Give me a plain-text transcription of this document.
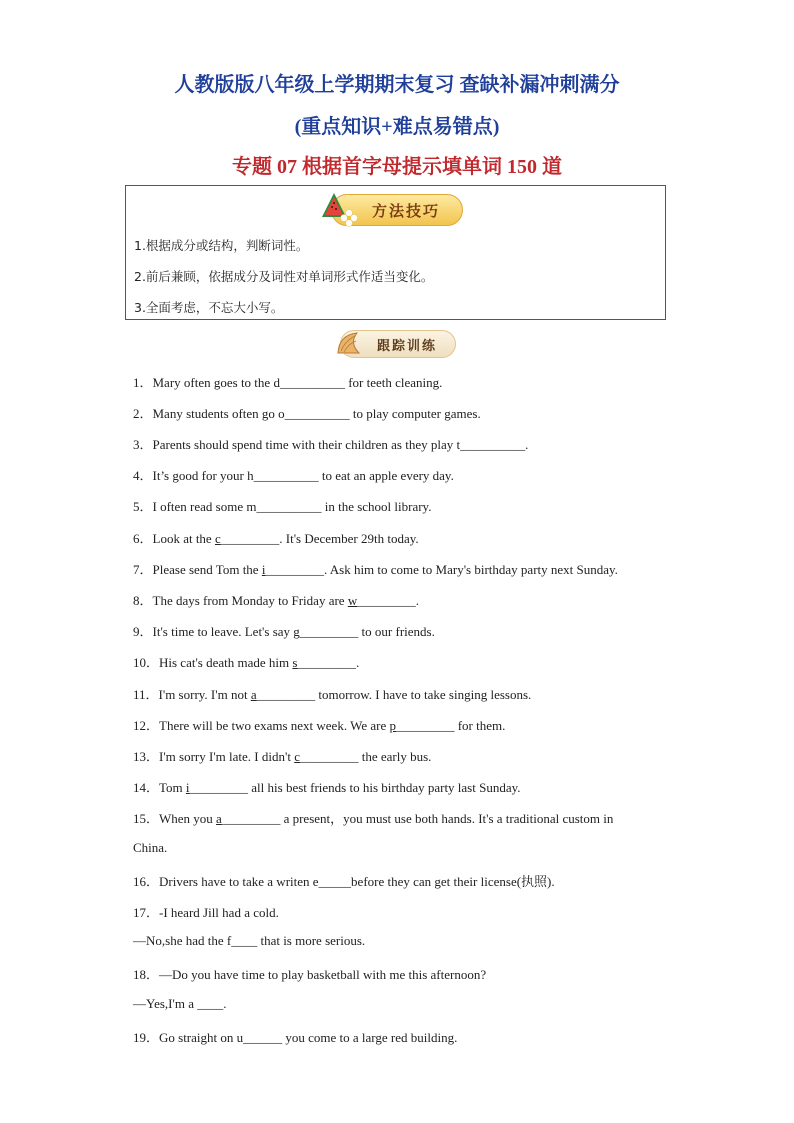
人教版版八年级上学期期末复习 查缺补漏冲刺满分
(重点知识+难点易错点)
专题 07 根据首字母提示填单词 150 道
方法技巧
1.根据成分或结构，判断词性。
2.前后兼顾，依据成分及词性对单词形式作适当变化。
3.全面考虑，不忘大小写。
跟踪训练
1．Mary often goes to the d__________ for teeth cleaning.
2．Many students often go o__________ to play computer games.
3．Parents should spend time with their children as they play t__________.
4．It’s good for your h__________ to eat an apple every day.
5．I often read some m__________ in the school library.
6．Look at the c_________. It's December 29th today.
7．Please send Tom the i_________. Ask him to come to Mary's birthday party next Sunday.
8．The days from Monday to Friday are w_________.
9．It's time to leave. Let's say g_________ to our friends.
10．His cat's death made him s_________.
11．I'm sorry. I'm not a_________ tomorrow. I have to take singing lessons.
12．There will be two exams next week. We are p_________ for them.
13．I'm sorry I'm late. I didn't c_________ the early bus.
14．Tom i_________ all his best friends to his birthday party last Sunday.
15．When you a_________ a present，you must use both hands. It's a traditional custom in
China.
16．Drivers have to take a writen e_____before they can get their license(执照).
17．-I heard Jill had a cold.
—No,she had the f____ that is more serious.
18．—Do you have time to play basketball with me this afternoon?
—Yes,I'm a ____.
19．Go straight on u______ you come to a large red building.
